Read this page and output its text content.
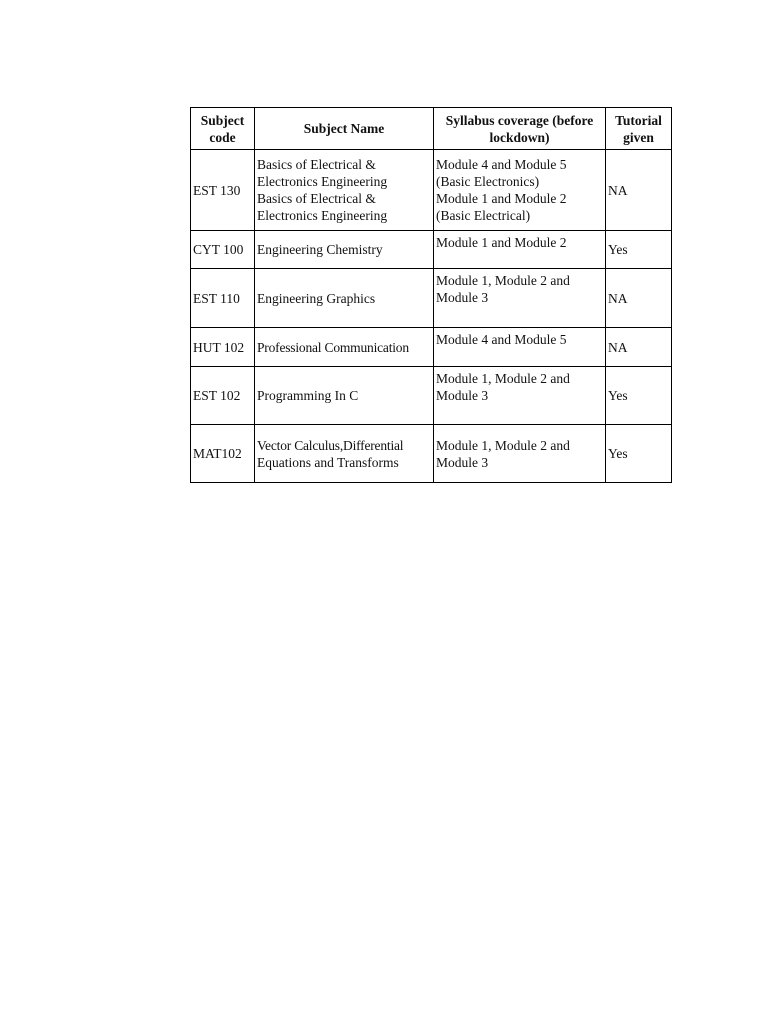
Subject
code	Subject Name	Syllabus coverage (before
lockdown)	Tutorial
given

EST 130	Basics of Electrical &
Electronics Engineering
Basics of Electrical &
Electronics Engineering	Module 4 and Module 5
(Basic Electronics)
Module 1 and Module 2
(Basic Electrical)	NA
CYT 100	Engineering Chemistry	Module 1 and Module 2	Yes
EST 110	Engineering Graphics	Module 1, Module 2 and
Module 3	NA
HUT 102	Professional Communication	Module 4 and Module 5	NA
EST 102	Programming In C	Module 1, Module 2 and
Module 3	Yes
MAT102	Vector Calculus,Differential
Equations and Transforms	Module 1, Module 2 and
Module 3	Yes
